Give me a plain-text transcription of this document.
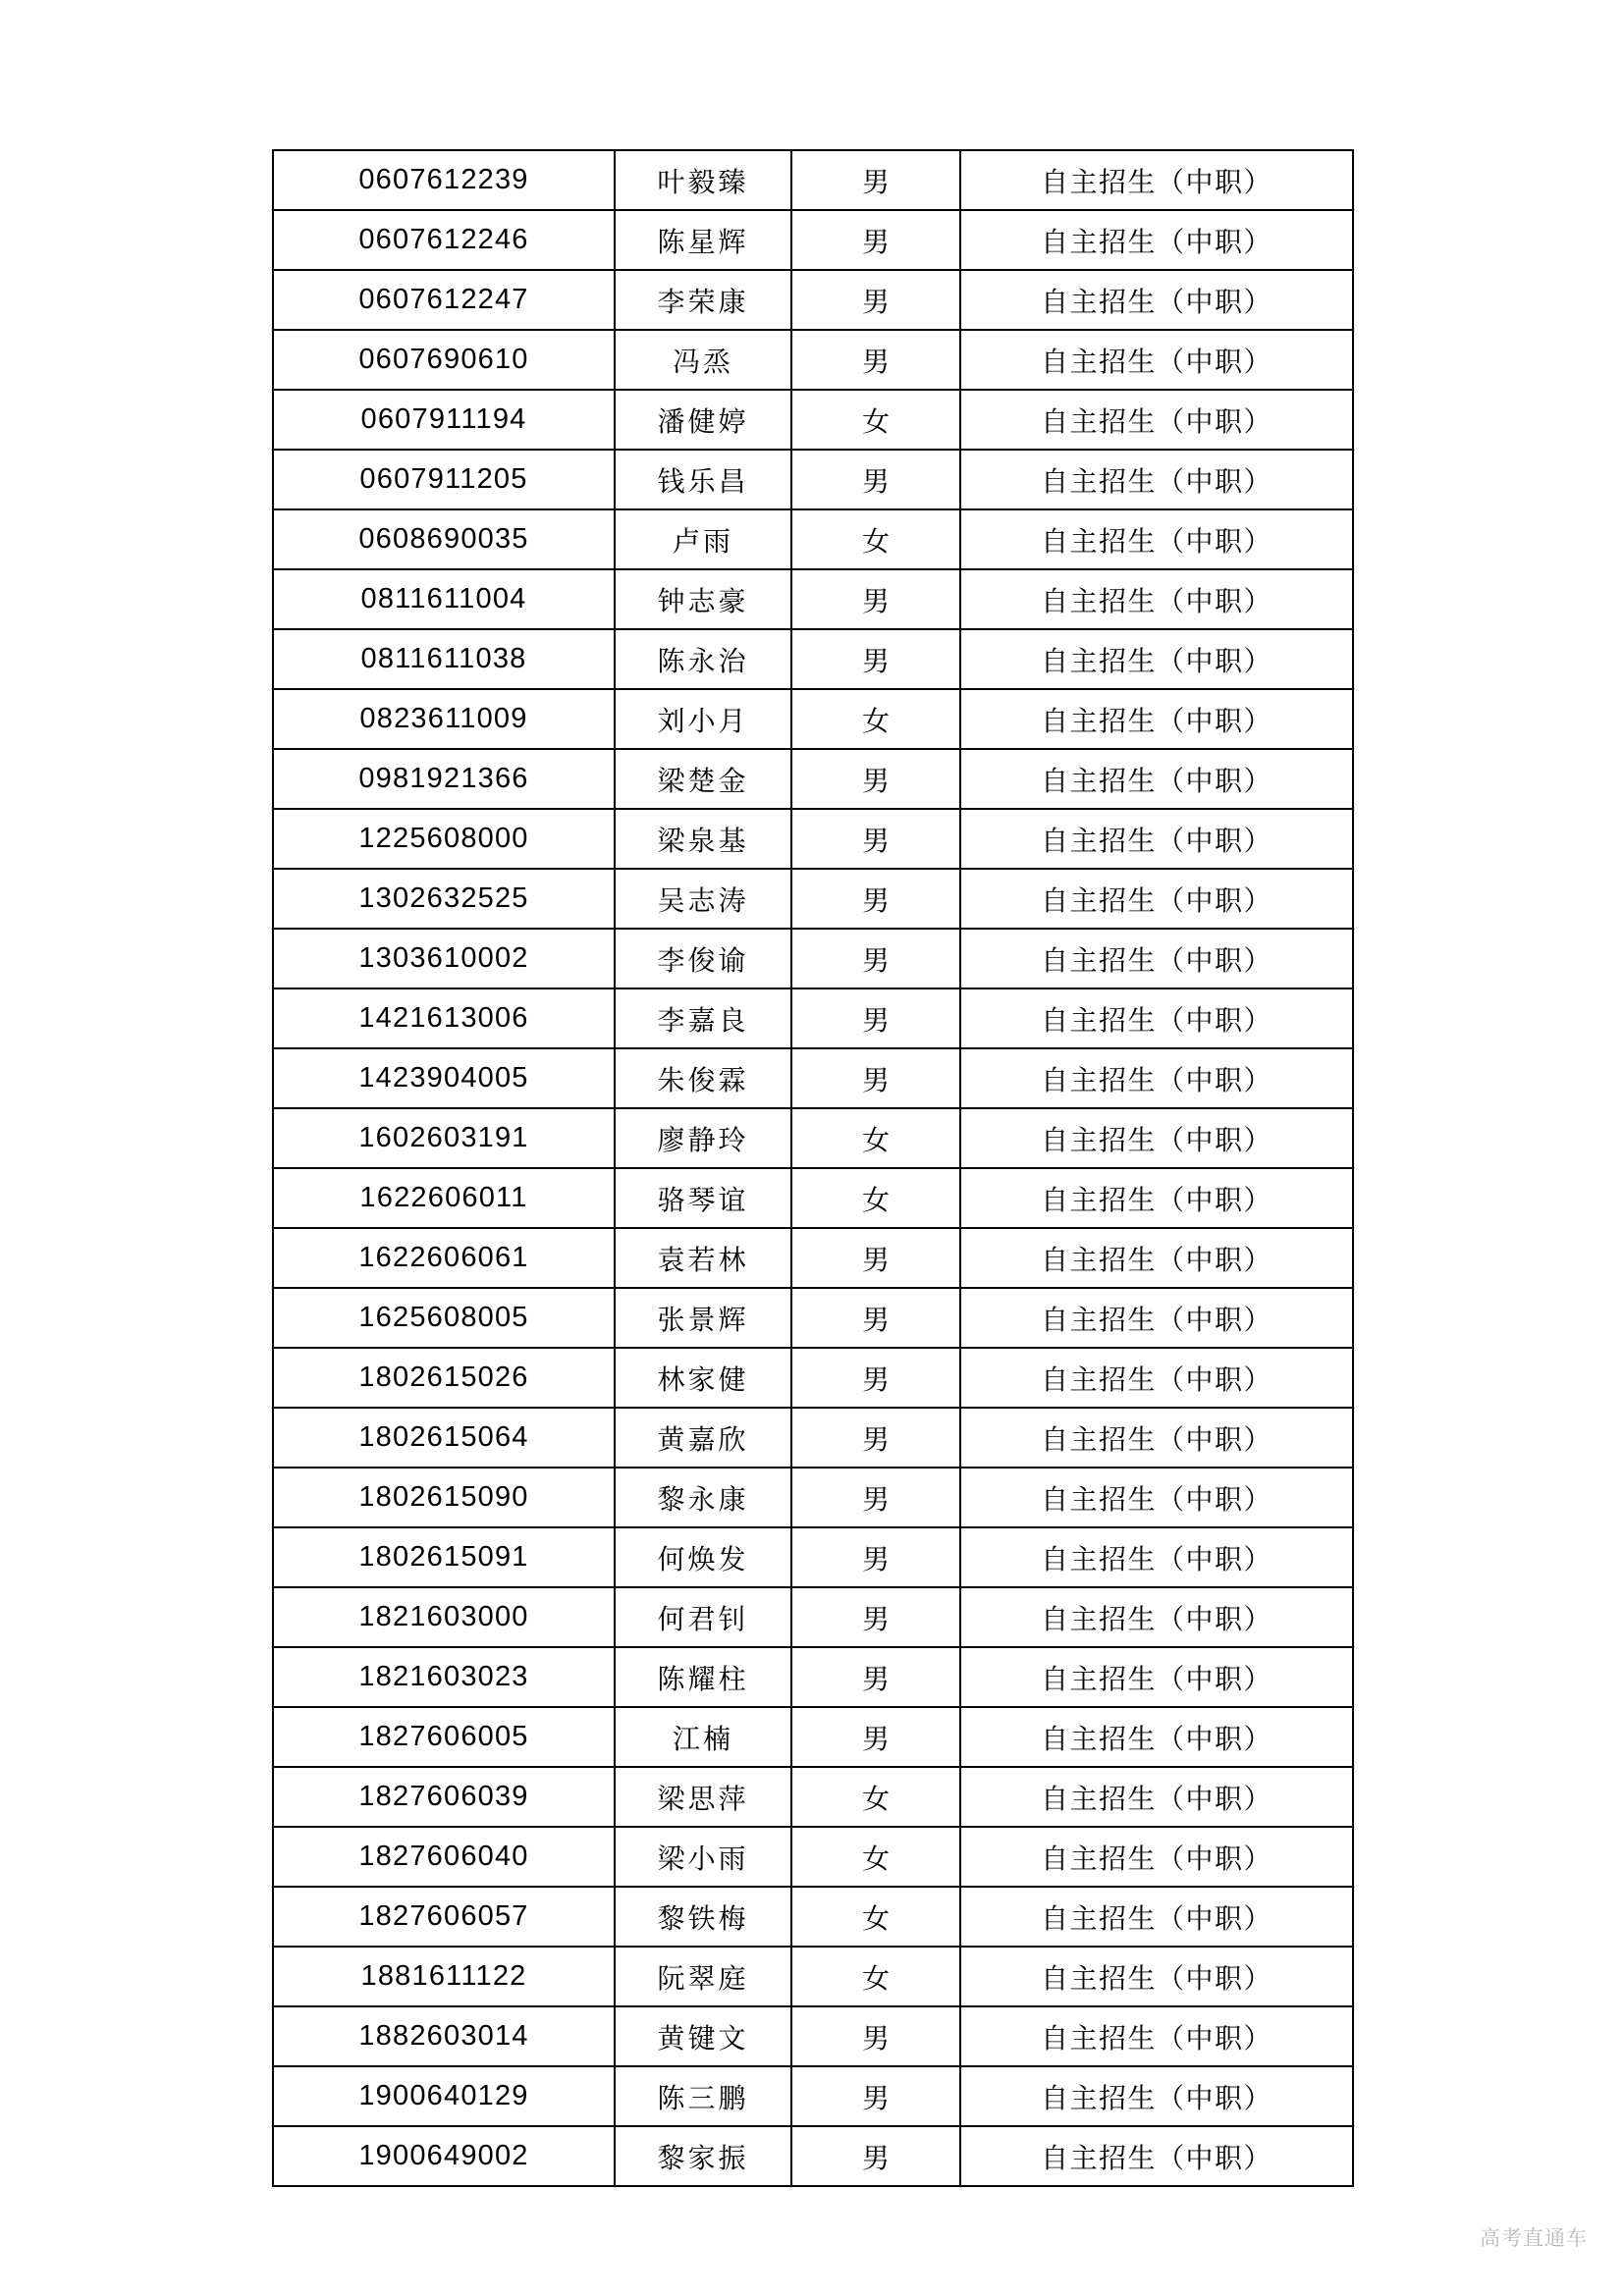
0607612239	叶毅臻	男	自主招生（中职）
0607612246	陈星辉	男	自主招生（中职）
0607612247	李荣康	男	自主招生（中职）
0607690610	冯烝	男	自主招生（中职）
0607911194	潘健婷	女	自主招生（中职）
0607911205	钱乐昌	男	自主招生（中职）
0608690035	卢雨	女	自主招生（中职）
0811611004	钟志豪	男	自主招生（中职）
0811611038	陈永治	男	自主招生（中职）
0823611009	刘小月	女	自主招生（中职）
0981921366	梁楚金	男	自主招生（中职）
1225608000	梁泉基	男	自主招生（中职）
1302632525	吴志涛	男	自主招生（中职）
1303610002	李俊谕	男	自主招生（中职）
1421613006	李嘉良	男	自主招生（中职）
1423904005	朱俊霖	男	自主招生（中职）
1602603191	廖静玲	女	自主招生（中职）
1622606011	骆琴谊	女	自主招生（中职）
1622606061	袁若林	男	自主招生（中职）
1625608005	张景辉	男	自主招生（中职）
1802615026	林家健	男	自主招生（中职）
1802615064	黄嘉欣	男	自主招生（中职）
1802615090	黎永康	男	自主招生（中职）
1802615091	何焕发	男	自主招生（中职）
1821603000	何君钊	男	自主招生（中职）
1821603023	陈耀柱	男	自主招生（中职）
1827606005	江楠	男	自主招生（中职）
1827606039	梁思萍	女	自主招生（中职）
1827606040	梁小雨	女	自主招生（中职）
1827606057	黎铁梅	女	自主招生（中职）
1881611122	阮翠庭	女	自主招生（中职）
1882603014	黄键文	男	自主招生（中职）
1900640129	陈三鹏	男	自主招生（中职）
1900649002	黎家振	男	自主招生（中职）
高考直通车
